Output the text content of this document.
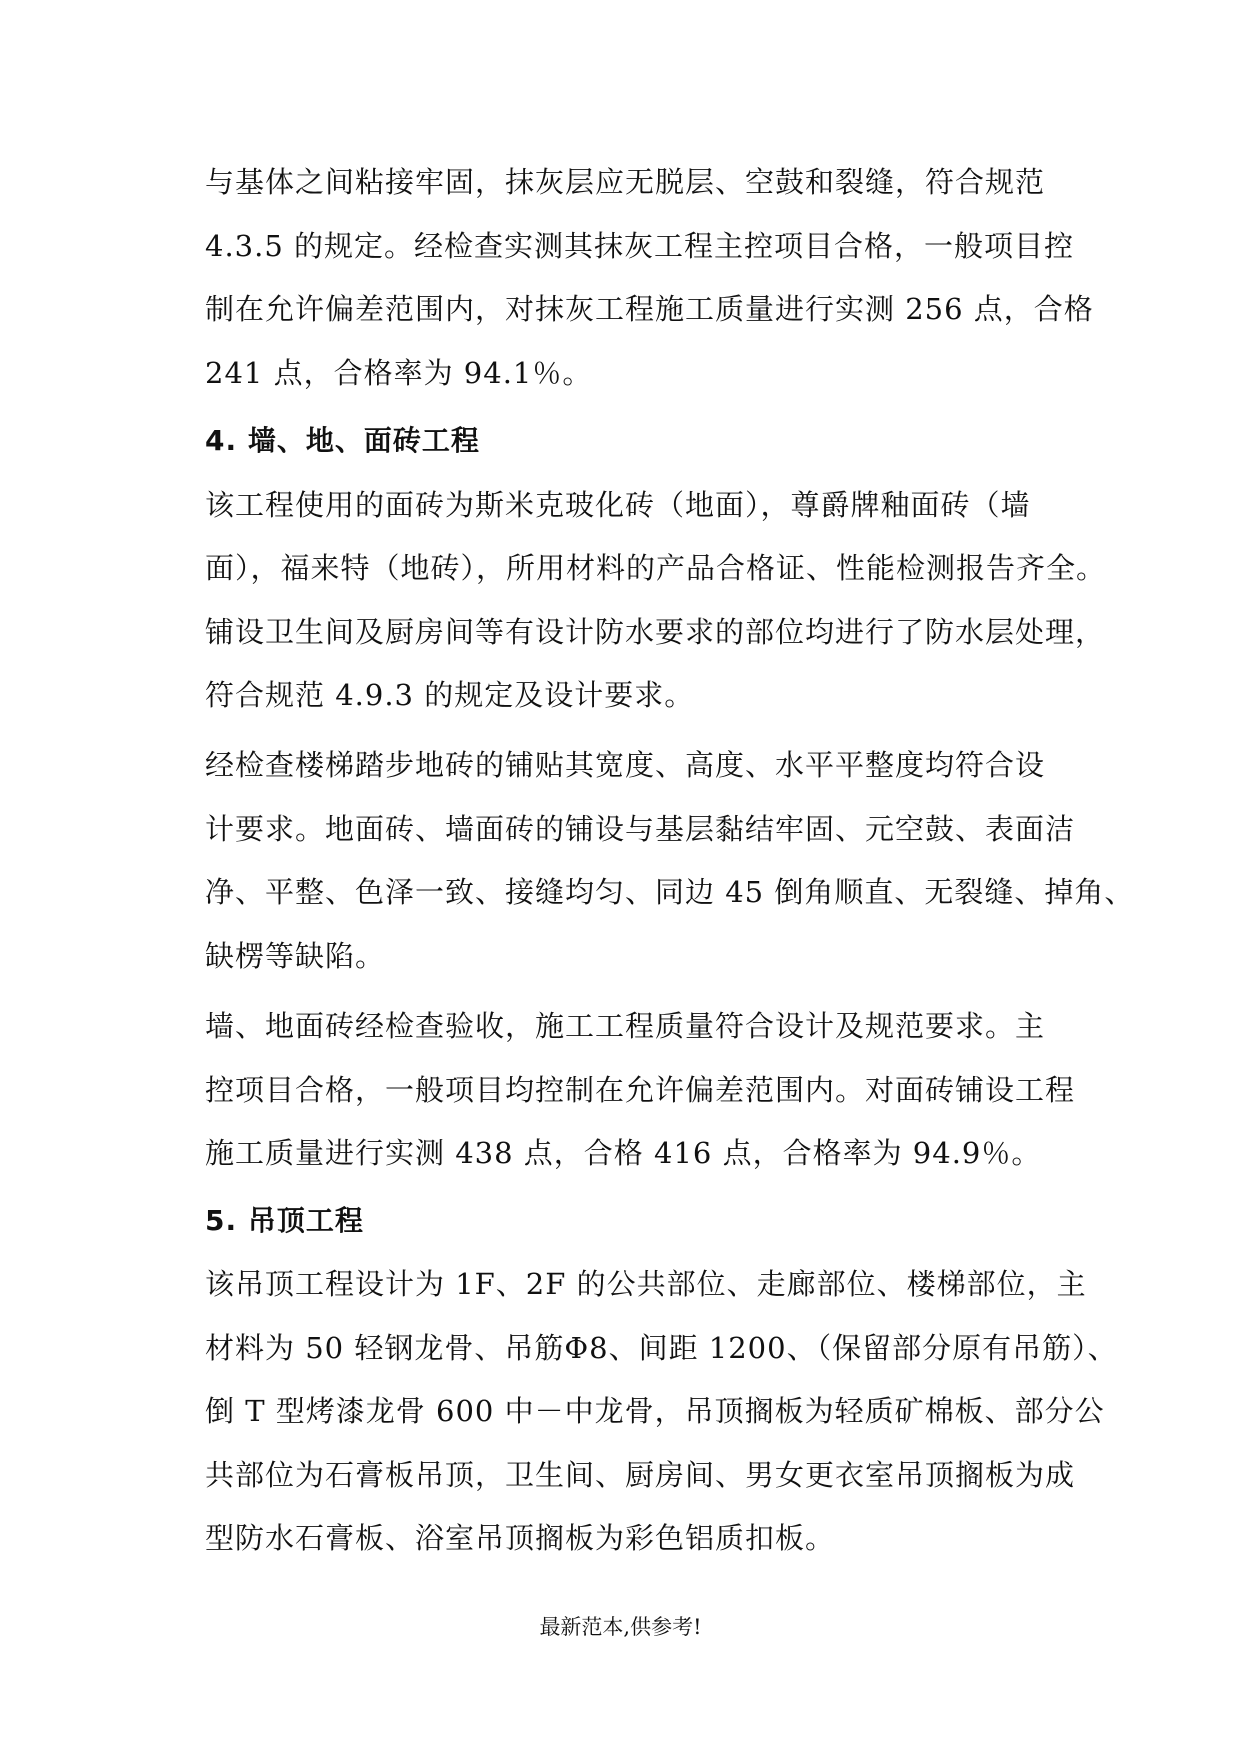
与基体之间粘接牢固，抹灰层应无脱层、空鼓和裂缝，符合规范
4.3.5 的规定。经检查实测其抹灰工程主控项目合格，一般项目控
制在允许偏差范围内，对抹灰工程施工质量进行实测 256 点，合格
241 点，合格率为 94.1％。
4. 墙、地、面砖工程
该工程使用的面砖为斯米克玻化砖（地面），尊爵牌釉面砖（墙
面），福来特（地砖），所用材料的产品合格证、性能检测报告齐全。
铺设卫生间及厨房间等有设计防水要求的部位均进行了防水层处理，
符合规范 4.9.3 的规定及设计要求。
经检查楼梯踏步地砖的铺贴其宽度、高度、水平平整度均符合设
计要求。地面砖、墙面砖的铺设与基层黏结牢固、元空鼓、表面洁
净、平整、色泽一致、接缝均匀、同边 45 倒角顺直、无裂缝、掉角、
缺楞等缺陷。
墙、地面砖经检查验收，施工工程质量符合设计及规范要求。主
控项目合格，一般项目均控制在允许偏差范围内。对面砖铺设工程
施工质量进行实测 438 点，合格 416 点，合格率为 94.9％。
5. 吊顶工程
该吊顶工程设计为 1F、2F 的公共部位、走廊部位、楼梯部位，主
材料为 50 轻钢龙骨、吊筋Φ8、间距 1200、（保留部分原有吊筋）、
倒 T 型烤漆龙骨 600 中－中龙骨，吊顶搁板为轻质矿棉板、部分公
共部位为石膏板吊顶，卫生间、厨房间、男女更衣室吊顶搁板为成
型防水石膏板、浴室吊顶搁板为彩色铝质扣板。
最新范本,供参考!
